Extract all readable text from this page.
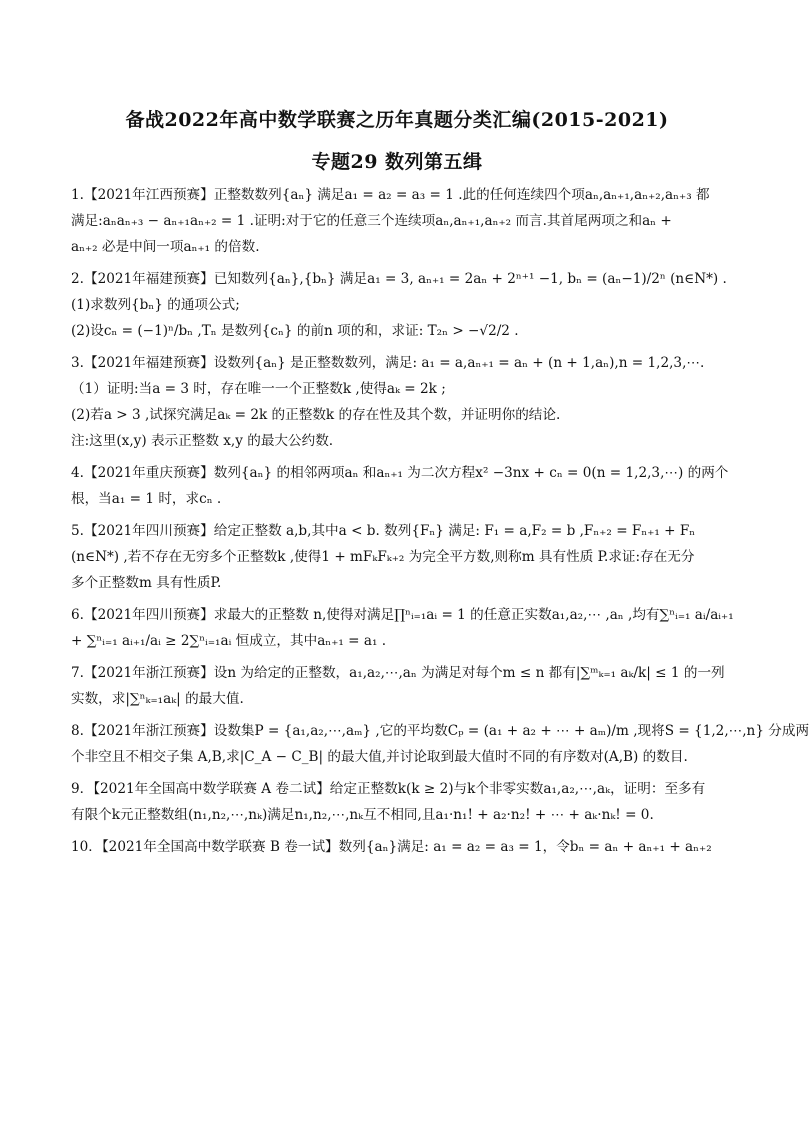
备战2022年高中数学联赛之历年真题分类汇编(2015-2021)
专题29 数列第五缉
1.【2021年江西预赛】正整数数列{aₙ} 满足a₁ = a₂ = a₃ = 1 .此的任何连续四个项aₙ,aₙ₊₁,aₙ₊₂,aₙ₊₃ 都
满足:aₙaₙ₊₃ − aₙ₊₁aₙ₊₂ = 1 .证明:对于它的任意三个连续项aₙ,aₙ₊₁,aₙ₊₂ 而言.其首尾两项之和aₙ +
aₙ₊₂ 必是中间一项aₙ₊₁ 的倍数.
2.【2021年福建预赛】已知数列{aₙ},{bₙ} 满足a₁ = 3, aₙ₊₁ = 2aₙ + 2ⁿ⁺¹ −1, bₙ = (aₙ−1)/2ⁿ (n∈N*) .
(1)求数列{bₙ} 的通项公式;
(2)设cₙ = (−1)ⁿ/bₙ ,Tₙ 是数列{cₙ} 的前n 项的和，求证: T₂ₙ > −√2/2 .
3.【2021年福建预赛】设数列{aₙ} 是正整数数列，满足: a₁ = a,aₙ₊₁ = aₙ + (n + 1,aₙ),n = 1,2,3,⋯.
（1）证明:当a = 3 时，存在唯一一个正整数k ,使得aₖ = 2k ;
(2)若a > 3 ,试探究满足aₖ = 2k 的正整数k 的存在性及其个数，并证明你的结论.
注:这里(x,y) 表示正整数 x,y 的最大公约数.
4.【2021年重庆预赛】数列{aₙ} 的相邻两项aₙ 和aₙ₊₁ 为二次方程x² −3nx + cₙ = 0(n = 1,2,3,⋯) 的两个
根，当a₁ = 1 时，求cₙ .
5.【2021年四川预赛】给定正整数 a,b,其中a < b. 数列{Fₙ} 满足: F₁ = a,F₂ = b ,Fₙ₊₂ = Fₙ₊₁ + Fₙ
(n∈N*) ,若不存在无穷多个正整数k ,使得1 + mFₖFₖ₊₂ 为完全平方数,则称m 具有性质 P.求证:存在无分
多个正整数m 具有性质P.
6.【2021年四川预赛】求最大的正整数 n,使得对满足∏ⁿᵢ₌₁aᵢ = 1 的任意正实数a₁,a₂,⋯ ,aₙ ,均有∑ⁿᵢ₌₁ aᵢ/aᵢ₊₁
+ ∑ⁿᵢ₌₁ aᵢ₊₁/aᵢ ≥ 2∑ⁿᵢ₌₁aᵢ 恒成立，其中aₙ₊₁ = a₁ .
7.【2021年浙江预赛】设n 为给定的正整数，a₁,a₂,⋯,aₙ 为满足对每个m ≤ n 都有|∑ᵐₖ₌₁ aₖ/k| ≤ 1 的一列
实数，求|∑ⁿₖ₌₁aₖ| 的最大值.
8.【2021年浙江预赛】设数集P = {a₁,a₂,⋯,aₘ} ,它的平均数Cₚ = (a₁ + a₂ + ⋯ + aₘ)/m ,现将S = {1,2,⋯,n} 分成两
个非空且不相交子集 A,B,求|C_A − C_B| 的最大值,并讨论取到最大值时不同的有序数对(A,B) 的数目.
9．【2021年全国高中数学联赛 A 卷二试】给定正整数k(k ≥ 2)与k个非零实数a₁,a₂,⋯,aₖ，证明：至多有
有限个k元正整数组(n₁,n₂,⋯,nₖ)满足n₁,n₂,⋯,nₖ互不相同,且a₁·n₁! + a₂·n₂! + ⋯ + aₖ·nₖ! = 0.
10．【2021年全国高中数学联赛 B 卷一试】数列{aₙ}满足: a₁ = a₂ = a₃ = 1，令bₙ = aₙ + aₙ₊₁ + aₙ₊₂
